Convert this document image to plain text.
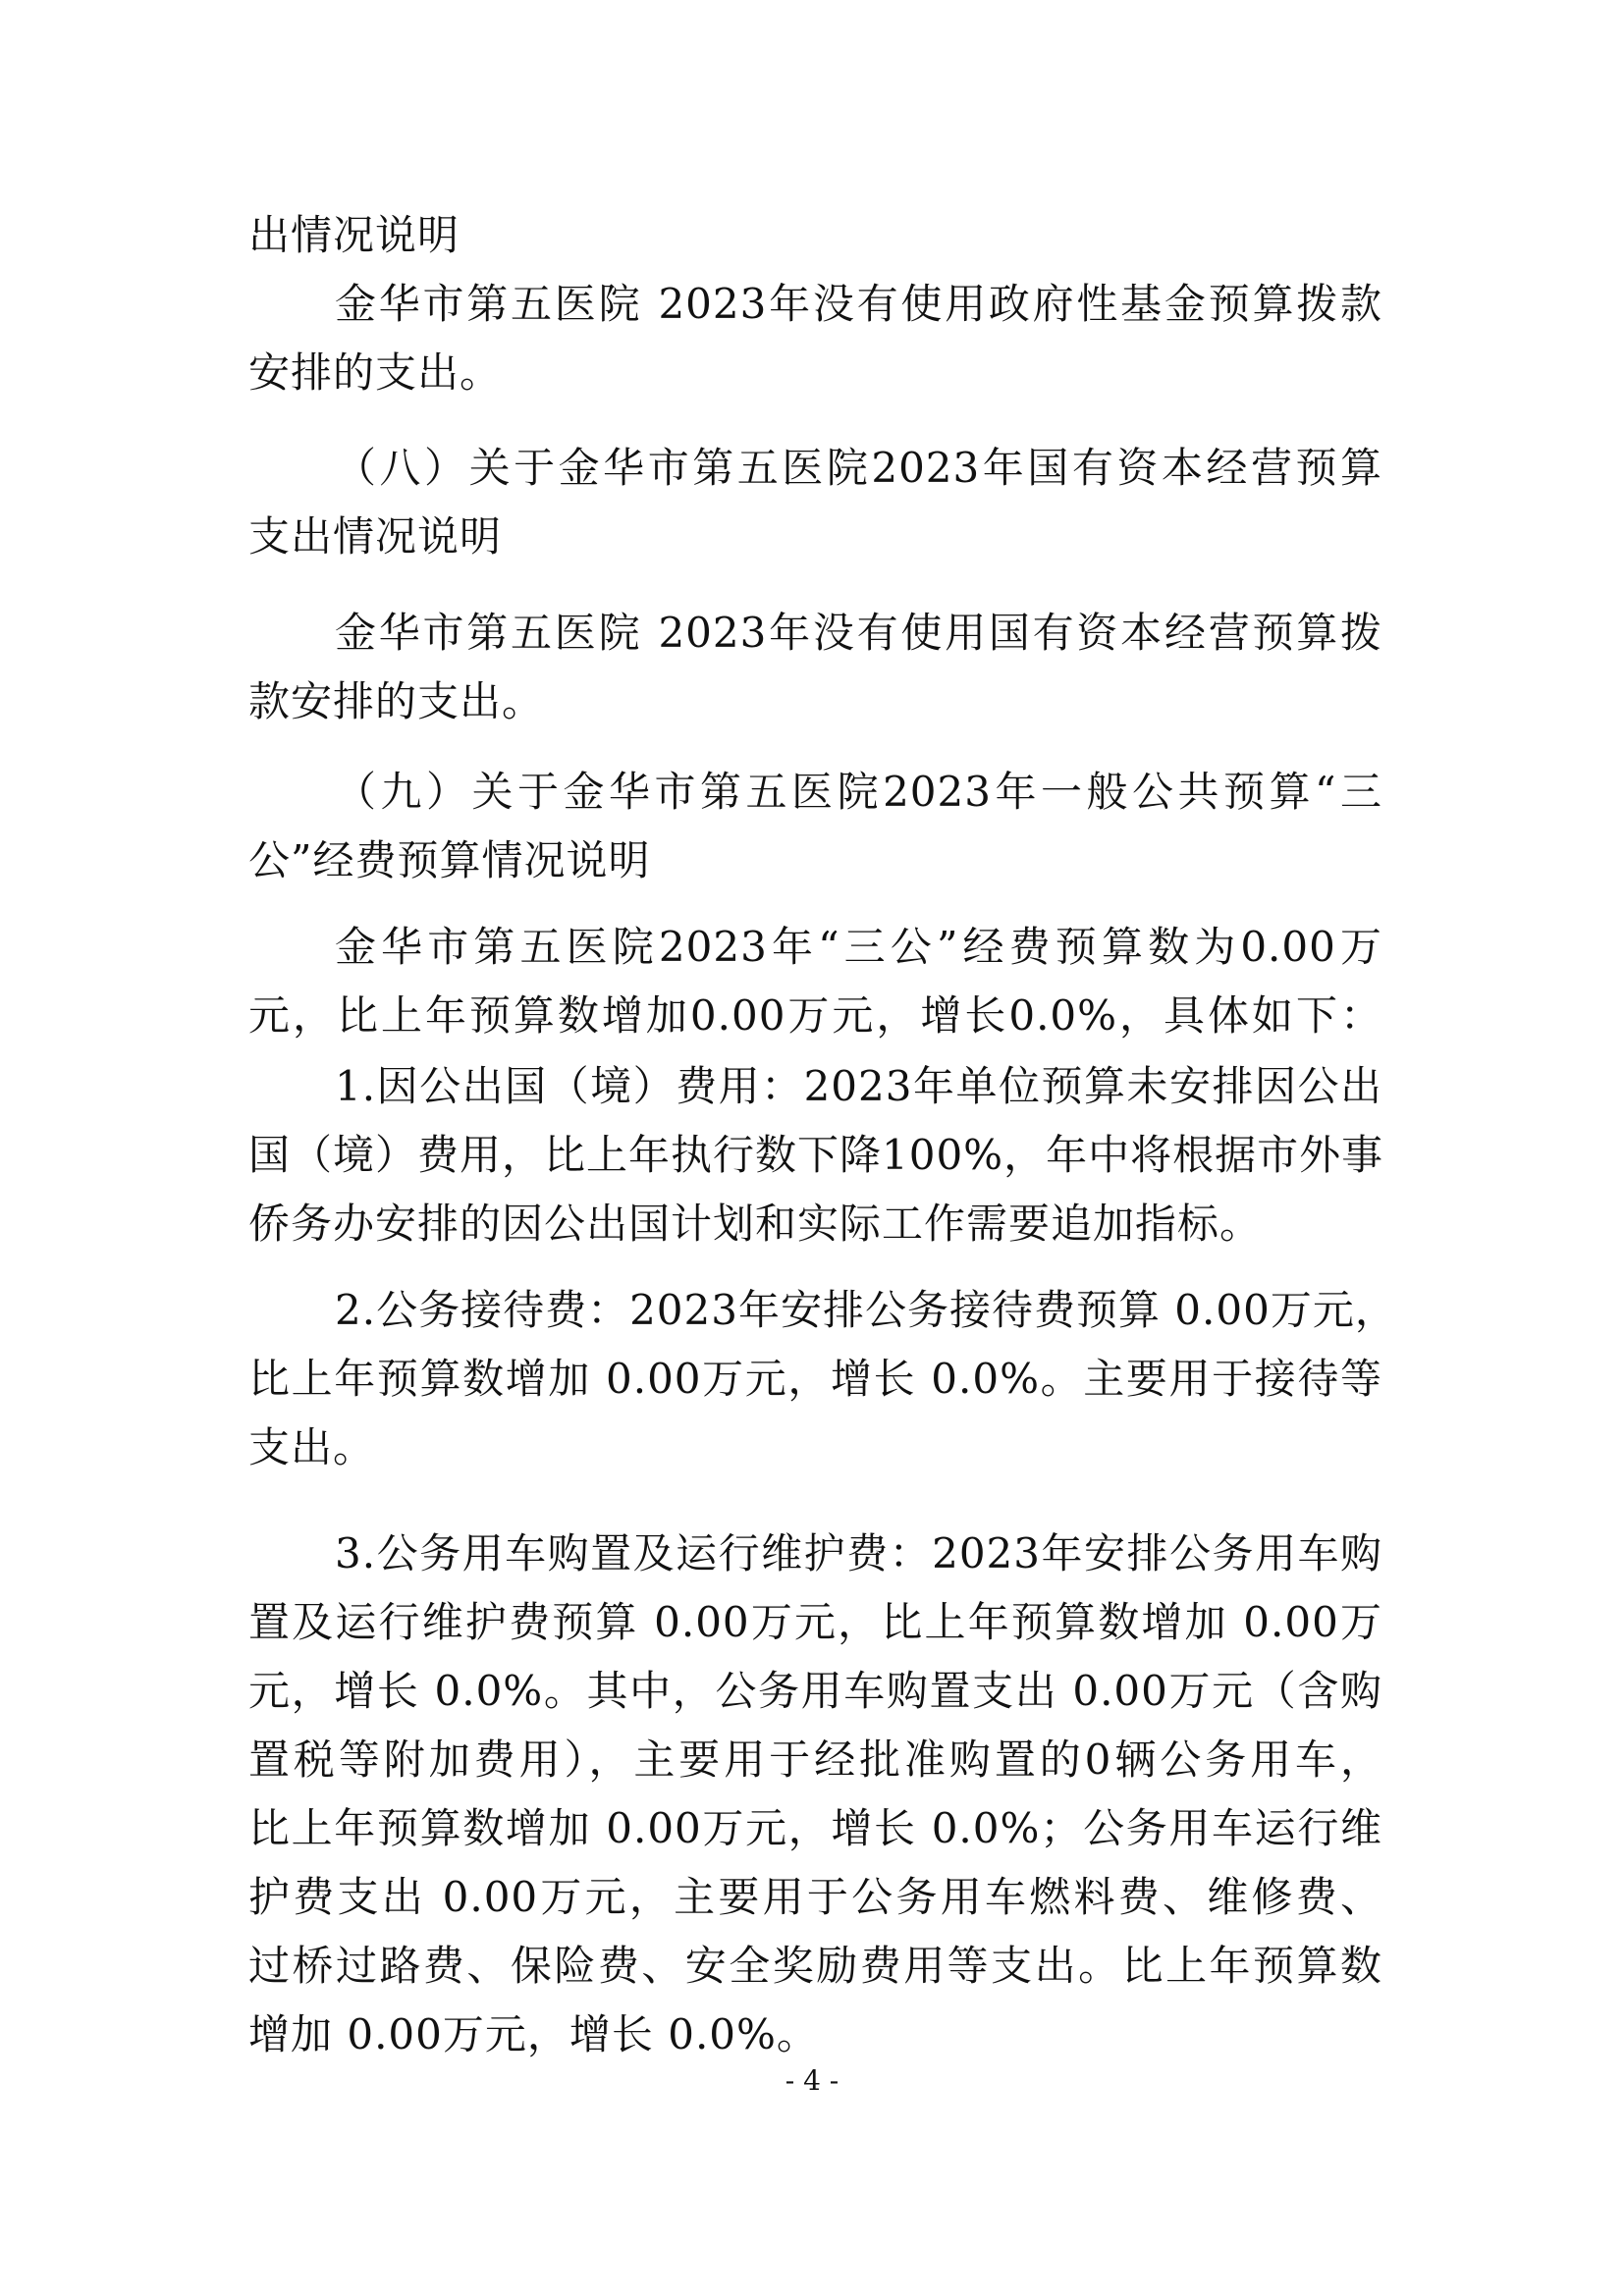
出情况说明
金华市第五医院 2023年没有使用政府性基金预算拨款
安排的支出。
（八）关于金华市第五医院2023年国有资本经营预算
支出情况说明
金华市第五医院 2023年没有使用国有资本经营预算拨
款安排的支出。
（九）关于金华市第五医院2023年一般公共预算“三
公”经费预算情况说明
金华市第五医院2023年“三公”经费预算数为0.00万
元，比上年预算数增加0.00万元，增长0.0%，具体如下：
1.因公出国（境）费用：2023年单位预算未安排因公出
国（境）费用，比上年执行数下降100%，年中将根据市外事
侨务办安排的因公出国计划和实际工作需要追加指标。
2.公务接待费：2023年安排公务接待费预算 0.00万元，
比上年预算数增加 0.00万元，增长 0.0%。主要用于接待等
支出。
3.公务用车购置及运行维护费：2023年安排公务用车购
置及运行维护费预算 0.00万元，比上年预算数增加 0.00万
元，增长 0.0%。其中，公务用车购置支出 0.00万元（含购
置税等附加费用），主要用于经批准购置的0辆公务用车，
比上年预算数增加 0.00万元，增长 0.0%；公务用车运行维
护费支出 0.00万元，主要用于公务用车燃料费、维修费、
过桥过路费、保险费、安全奖励费用等支出。比上年预算数
增加 0.00万元，增长 0.0%。
- 4 -
